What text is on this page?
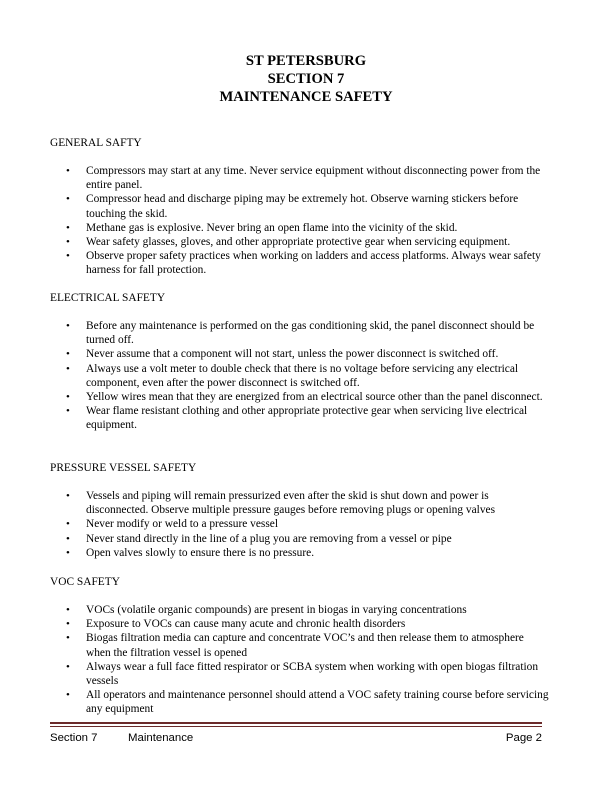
ST PETERSBURG
SECTION 7
MAINTENANCE SAFETY
GENERAL SAFTY
• Compressors may start at any time. Never service equipment without disconnecting power from the entire panel.
• Compressor head and discharge piping may be extremely hot. Observe warning stickers before touching the skid.
• Methane gas is explosive. Never bring an open flame into the vicinity of the skid.
• Wear safety glasses, gloves, and other appropriate protective gear when servicing equipment.
• Observe proper safety practices when working on ladders and access platforms. Always wear safety harness for fall protection.
ELECTRICAL SAFETY
• Before any maintenance is performed on the gas conditioning skid, the panel disconnect should be turned off.
• Never assume that a component will not start, unless the power disconnect is switched off.
• Always use a volt meter to double check that there is no voltage before servicing any electrical component, even after the power disconnect is switched off.
• Yellow wires mean that they are energized from an electrical source other than the panel disconnect.
• Wear flame resistant clothing and other appropriate protective gear when servicing live electrical equipment.
PRESSURE VESSEL SAFETY
• Vessels and piping will remain pressurized even after the skid is shut down and power is disconnected. Observe multiple pressure gauges before removing plugs or opening valves
• Never modify or weld to a pressure vessel
• Never stand directly in the line of a plug you are removing from a vessel or pipe
• Open valves slowly to ensure there is no pressure.
VOC SAFETY
• VOCs (volatile organic compounds) are present in biogas in varying concentrations
• Exposure to VOCs can cause many acute and chronic health disorders
• Biogas filtration media can capture and concentrate VOC’s and then release them to atmosphere when the filtration vessel is opened
• Always wear a full face fitted respirator or SCBA system when working with open biogas filtration vessels
• All operators and maintenance personnel should attend a VOC safety training course before servicing any equipment
Section 7	Maintenance	Page 2
